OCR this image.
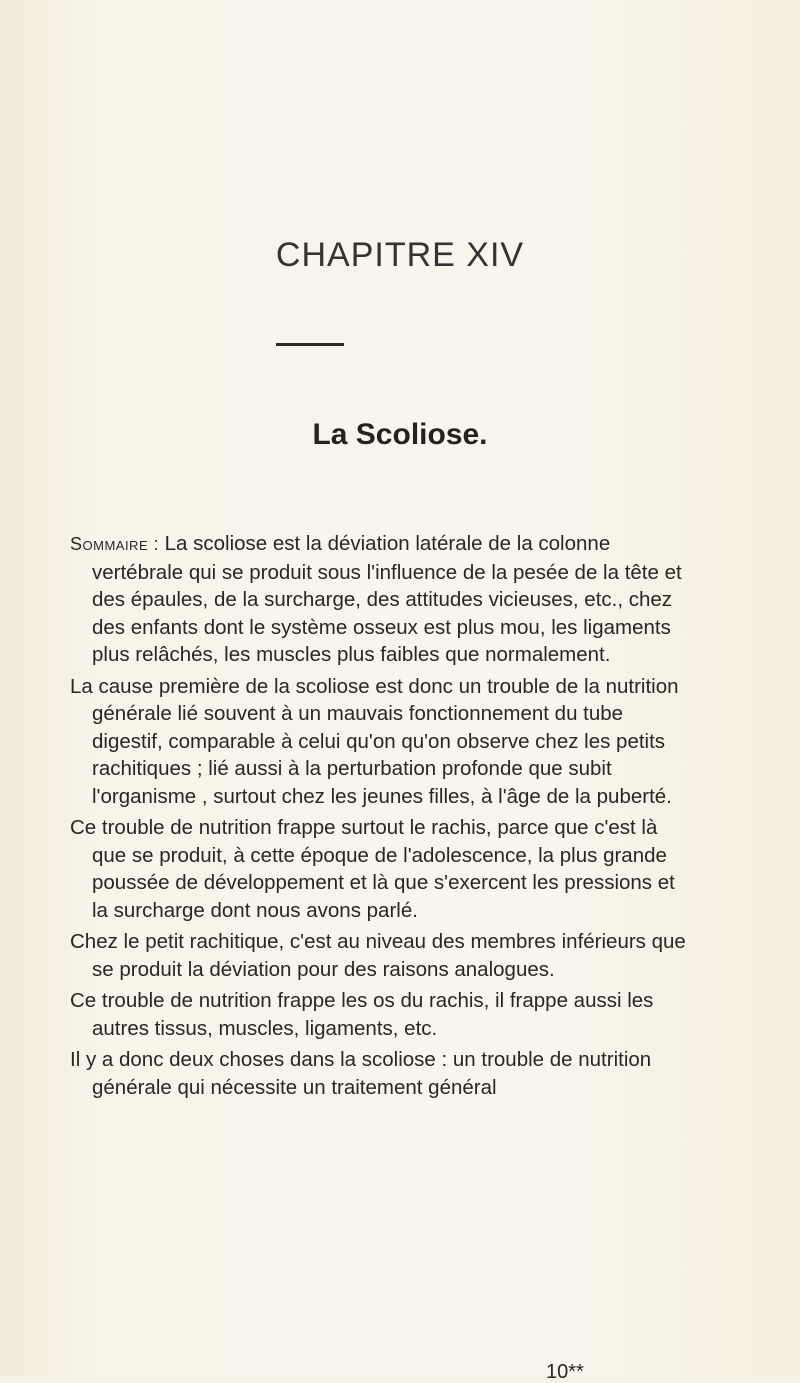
CHAPITRE XIV
La Scoliose.

Sommaire : La scoliose est la déviation latérale de la colonne vertébrale qui se produit sous l'influence de la pesée de la tête et des épaules, de la surcharge, des attitudes vicieuses, etc., chez des enfants dont le système osseux est plus mou, les ligaments plus relâchés, les muscles plus faibles que normalement.

La cause première de la scoliose est donc un trouble de la nutrition générale lié souvent à un mauvais fonctionnement du tube digestif, comparable à celui qu'on qu'on observe chez les petits rachitiques ; lié aussi à la perturbation profonde que subit l'organisme , surtout chez les jeunes filles, à l'âge de la puberté.

Ce trouble de nutrition frappe surtout le rachis, parce que c'est là que se produit, à cette époque de l'adolescence, la plus grande poussée de développement et là que s'exercent les pressions et la surcharge dont nous avons parlé.

Chez le petit rachitique, c'est au niveau des membres inférieurs que se produit la déviation pour des raisons analogues.

Ce trouble de nutrition frappe les os du rachis, il frappe aussi les autres tissus, muscles, ligaments, etc.

Il y a donc deux choses dans la scoliose : un trouble de nutrition générale qui nécessite un traitement général

10**
